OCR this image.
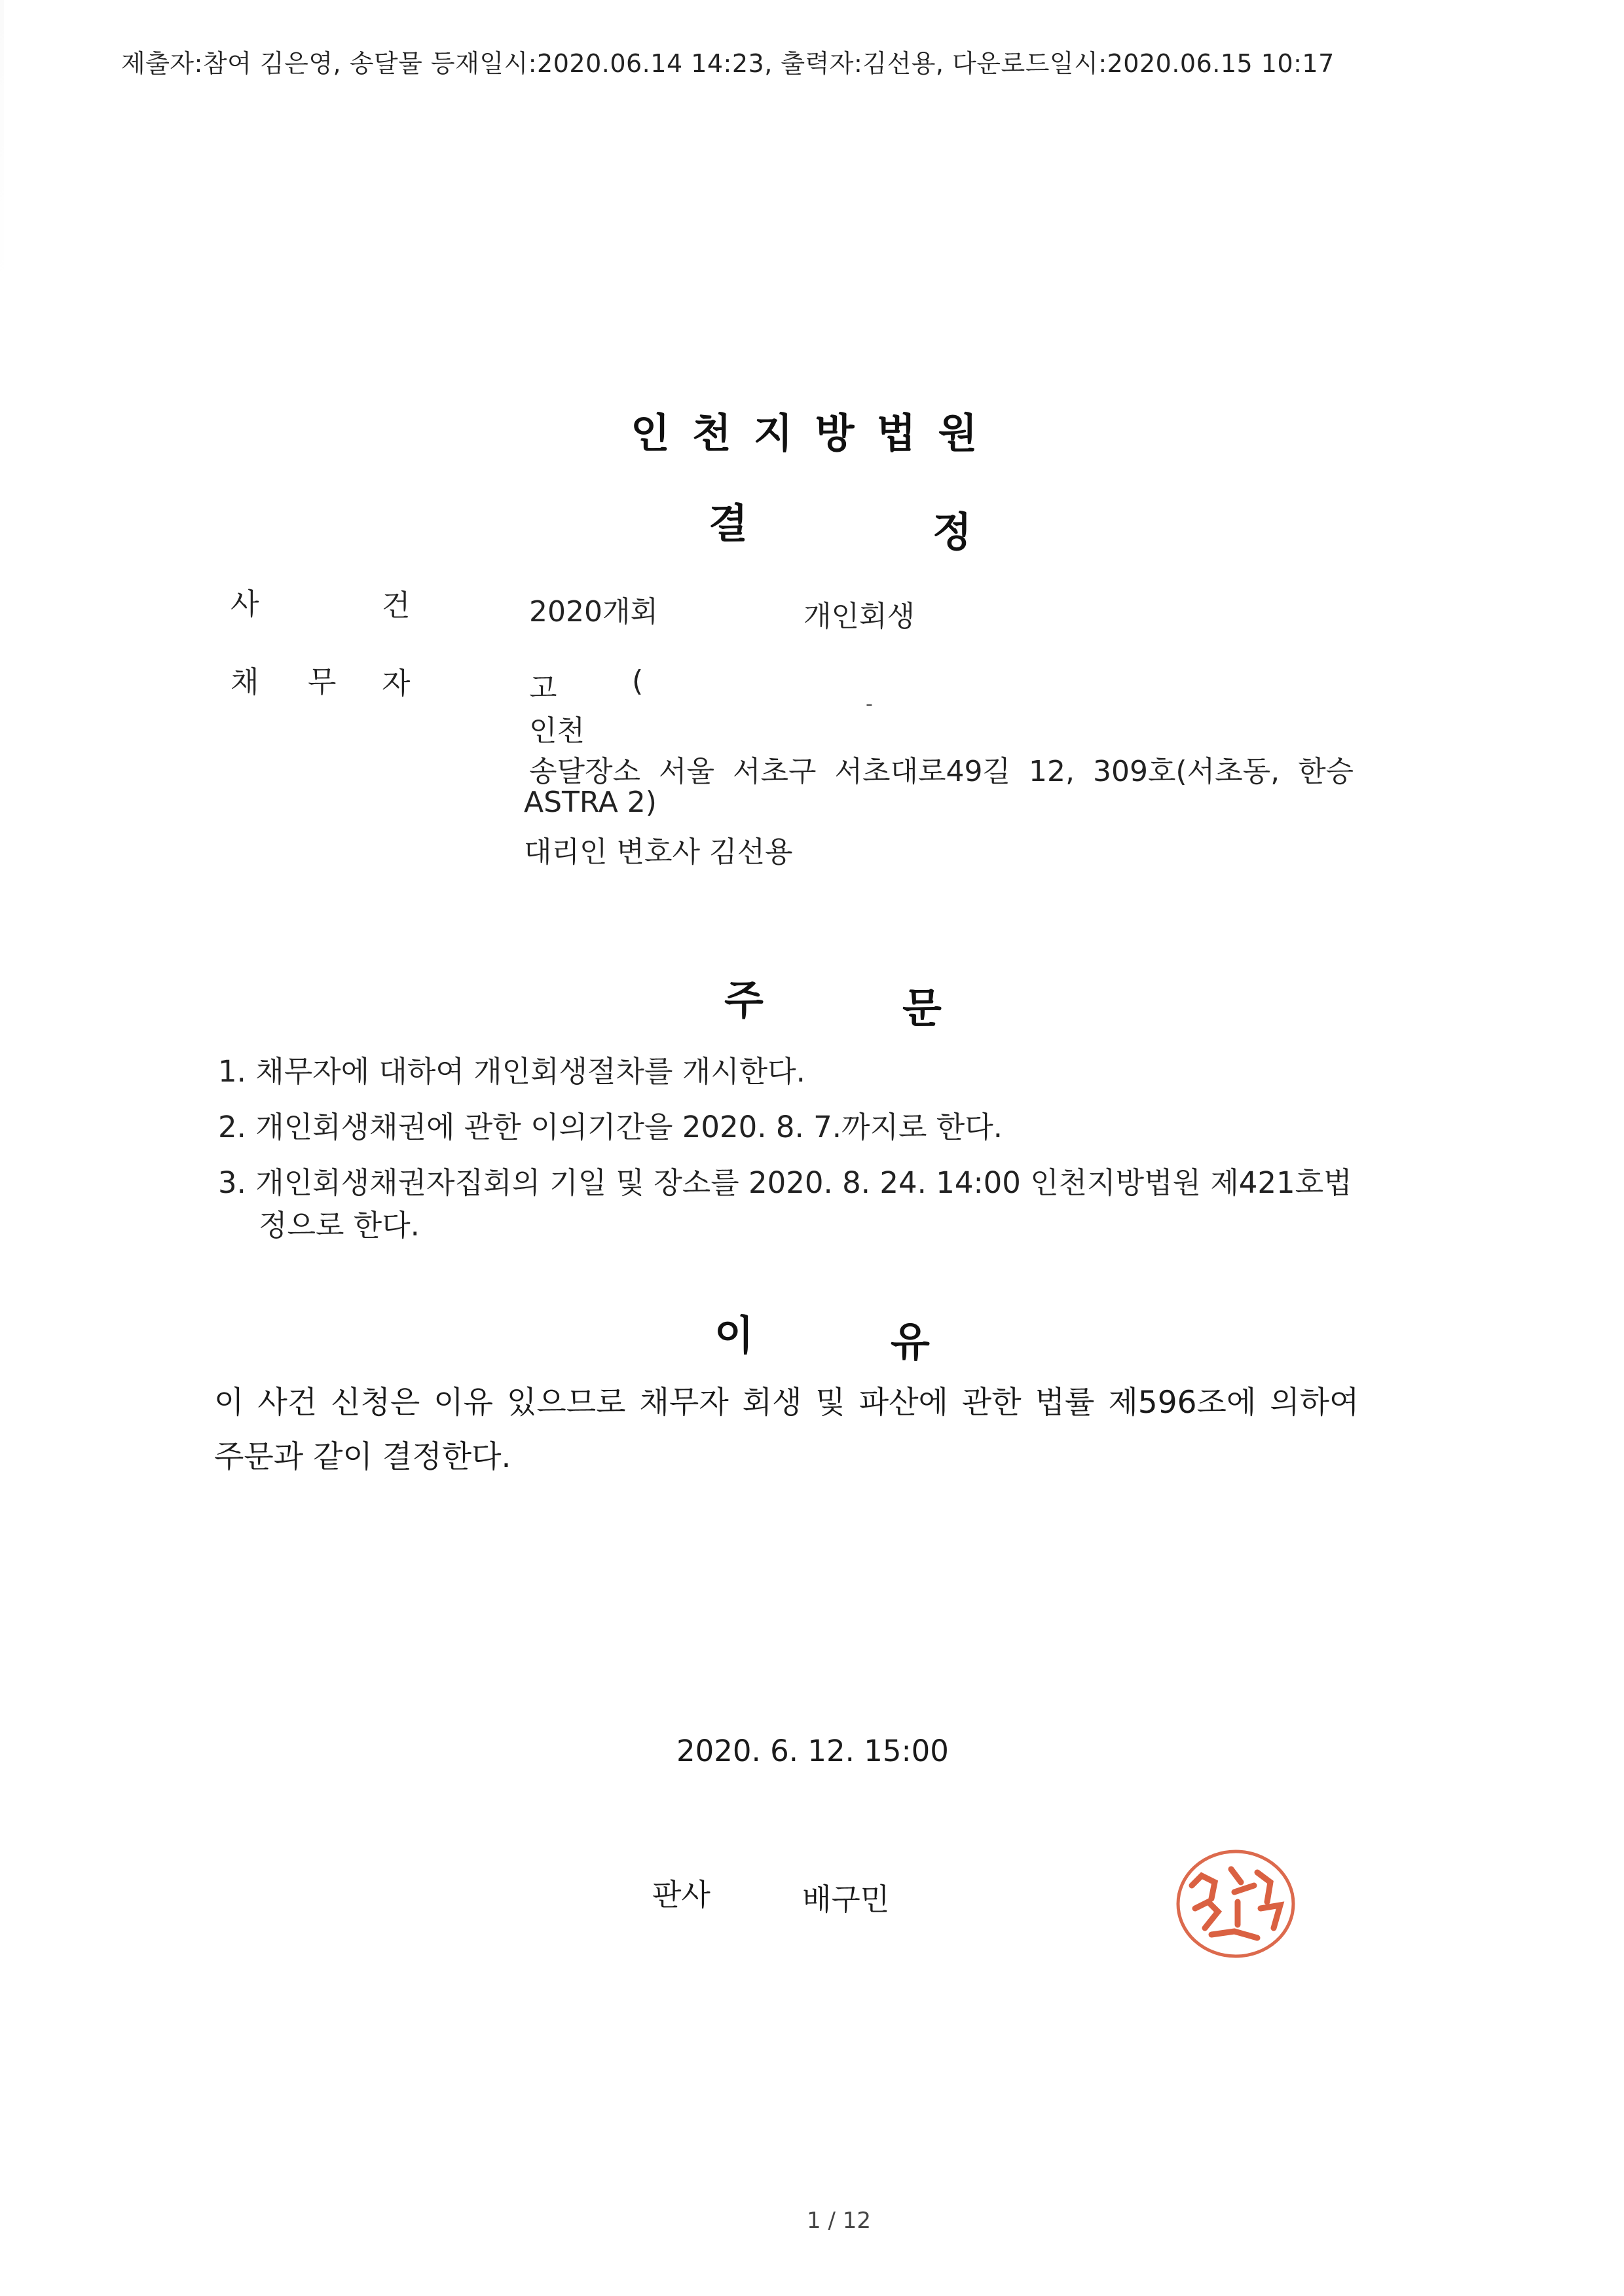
제출자:참여 김은영, 송달물 등재일시:2020.06.14 14:23, 출력자:김선용, 다운로드일시:2020.06.15 10:17
인천지방법원
결	정
사	건	2020개회	개인회생
채 무 자	고	(
인천
-
송달장소 서울 서초구 서초대로49길 12, 309호(서초동, 한승
ASTRA 2)
대리인 변호사 김선용
주	문
1. 채무자에 대하여 개인회생절차를 개시한다.
2. 개인회생채권에 관한 이의기간을 2020. 8. 7.까지로 한다.
3. 개인회생채권자집회의 기일 및 장소를 2020. 8. 24. 14:00 인천지방법원 제421호법
정으로 한다.
이	유
이 사건 신청은 이유 있으므로 채무자 회생 및 파산에 관한 법률 제596조에 의하여
주문과 같이 결정한다.
2020. 6. 12. 15:00
판사	배구민
1 / 12
